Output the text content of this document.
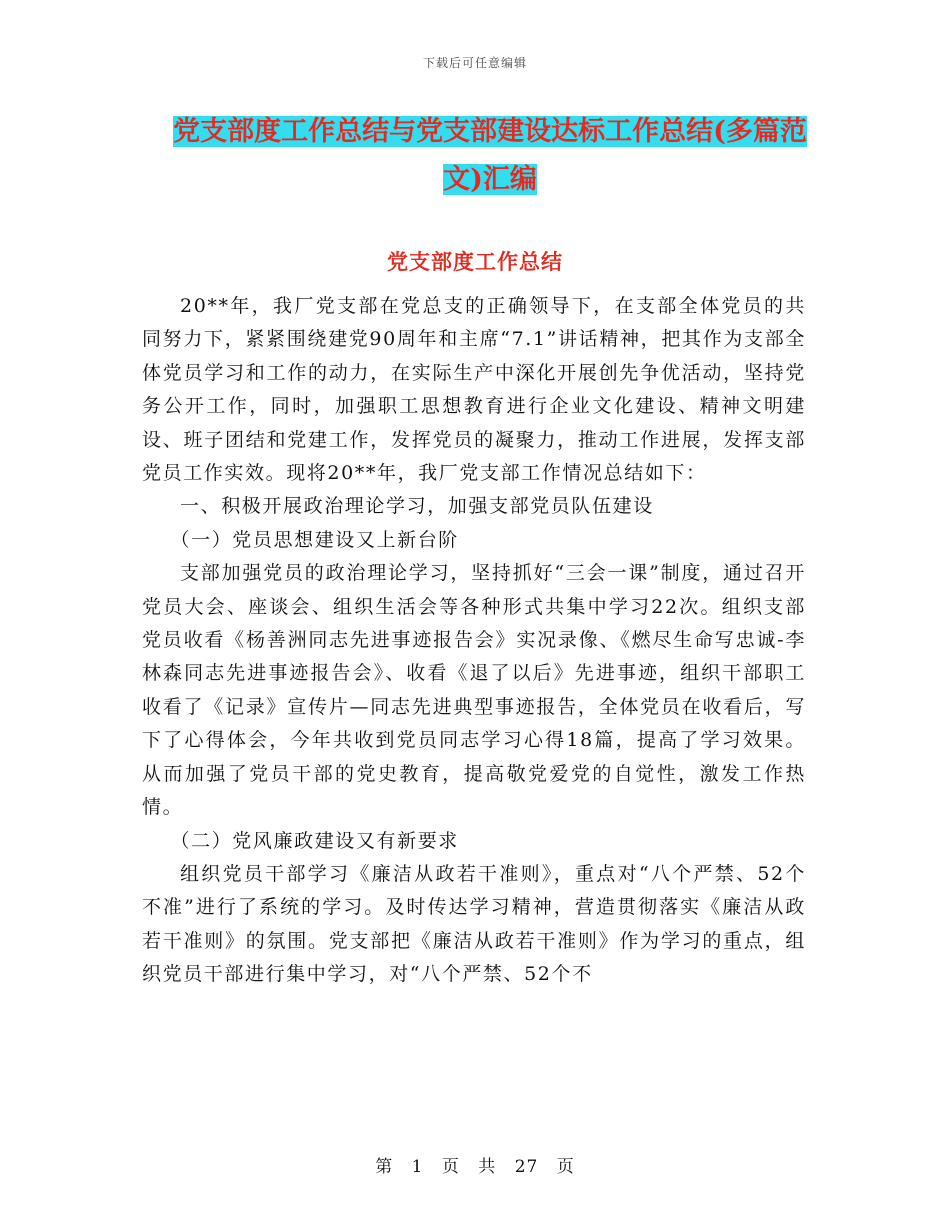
下载后可任意编辑
党支部度工作总结与党支部建设达标工作总结(多篇范
文)汇编
党支部度工作总结

20**年，我厂党支部在党总支的正确领导下，在支部全体党员的共同努力下，紧紧围绕建党90周年和主席“7.1”讲话精神，把其作为支部全体党员学习和工作的动力，在实际生产中深化开展创先争优活动，坚持党务公开工作，同时，加强职工思想教育进行企业文化建设、精神文明建设、班子团结和党建工作，发挥党员的凝聚力，推动工作进展，发挥支部党员工作实效。现将20**年，我厂党支部工作情况总结如下：

一、积极开展政治理论学习，加强支部党员队伍建设

（一）党员思想建设又上新台阶

支部加强党员的政治理论学习，坚持抓好“三会一课”制度，通过召开党员大会、座谈会、组织生活会等各种形式共集中学习22次。组织支部党员收看《杨善洲同志先进事迹报告会》实况录像、《燃尽生命写忠诚-李林森同志先进事迹报告会》、收看《退了以后》先进事迹，组织干部职工收看了《记录》宣传片—同志先进典型事迹报告，全体党员在收看后，写下了心得体会，今年共收到党员同志学习心得18篇，提高了学习效果。从而加强了党员干部的党史教育，提高敬党爱党的自觉性，激发工作热情。

（二）党风廉政建设又有新要求

组织党员干部学习《廉洁从政若干准则》，重点对“八个严禁、52个不准”进行了系统的学习。及时传达学习精神，营造贯彻落实《廉洁从政若干准则》的氛围。党支部把《廉洁从政若干准则》作为学习的重点，组织党员干部进行集中学习，对“八个严禁、52个不

第 1 页 共 27 页
